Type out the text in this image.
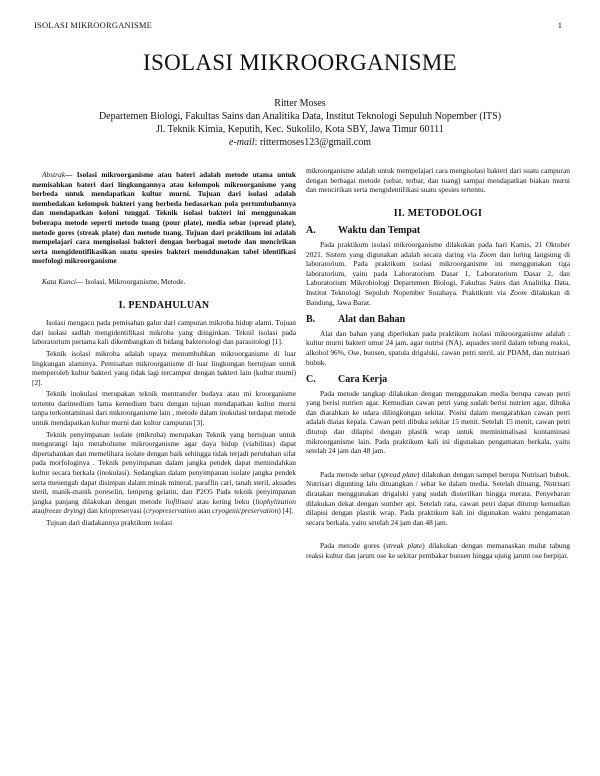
ISOLASI MIKROORGANISME	1
ISOLASI MIKROORGANISME
Ritter Moses
Departemen Biologi, Fakultas Sains dan Analitika Data, Institut Teknologi Sepuluh Nopember (ITS)
Jl. Teknik Kimia, Keputih, Kec. Sukolilo, Kota SBY, Jawa Timur 60111
e-mail: rittermoses123@gmail.com

Abstrak— Isolasi mikroorganisme atau bateri adalah metode utama untuk memisahkan bateri dari lingkungannya atau kelompok mikroorganisme yang berbeda untuk mendapatkan kultur murni. Tujuan dari isolasi adalah membedakan kelompok bakteri yang berbeda bedasarkan pola pertumbuhannya dan mendapatkan koloni tunggal. Teknik isolasi bakteri ini menggunakan beberapa metode seperti metode tuang (pour plate), media sebar (spread plate), metode gores (streak plate) dan metode tuang. Tujuan dari praktikum ini adalah mempelajari cara mengisolasi bakteri dengan berbagai metode dan mencirikan serta mengidentifikasikan suatu spesies bakteri menddunakan tabel identifkasi morfologi mikroorganisme

Kata Kunci— Isolasi, Mikroorganisme, Metode.

I. PENDAHULUAN

Isolasi mengacu pada pemisahan galur dari campuran mikroba hidup alami. Tujuan dari isolasi sadlah mengidentifikasi mikroba yang diinginkan. Teknil isolasi pada laboratorium pertama kali dikembangkan di bidang bakteriologi dan parasitologi [1].

Teknik isolasi mikroba adalah upaya menumbuhkan mikroorganisme di luar lingkungan alaminya. Pemisahan mikroorganisme di luar lingkungan bertujuan untuk memperoleh kultur bakteri yang tidak lagi tercampur dengan bakteri lain (kultur murni) [2].

Teknik inokulasi merupakan teknik mentransfer budaya atau mi kroorganisme tertentu darimedium lama kemedium baru dengan tujuan mendapatkan kultur murni tanpa terkontaminasi dari mikroorganisme lain , metode dalam inokulasi terdapat metode untuk mendapatkan kultur murni dan kultur campuran [3].

Teknik penyimpanan isolate (mikroba) merupakan Teknik yang bertujuan untuk mengurangi laju metabolisme mikroorganisme agar daya hidup (viabilitas) dapat dipertahankan dan memelihara isolate dengan baik sehingga tidak terjadi perubahan sifat pada morfologinya . Teknik penyimpanan dalam jangka pendek dapat memindahkan kultur secara berkala (inokulasi). Sedangkan dalam penyimpanan isolate jangka pendek serta menengah dapat disimpan dalam minak mineral, paraffin cari, tanah steril, akuades steril, manik-manik poreselin, lempeng gelatin, dan P2O5 Pada teknik penyimpanan jangka panjang dilakukan dengan metode liofilisasi atau kering beku (liophylization ataufreeze drying) dan kriopreservasi (cryopreservation atau cryogenicpreservation) [4].

Tujuan dari diadakannya praktikum isolasi

mikroorganisme adalah untuk mempelajari cara mengisolasi bakteri dari suatu campuran dengan berbagai metode (sebar, terbar, dan tuang) sampai mendapatkan biakan murni dan mencirikan serta mengidentifikasi suatu spesies tertentu.

II. METODOLOGI
A.	Waktu dan Tempat

Pada praktikum isolasi mikroorganisme dilakukan pada hari Kamis, 21 Oktober 2021. Sistem yang digunakan adalah secara daring via Zoom dan luring langsung di laboratorium. Pada praktikum isolasi mikroorganisme ini menggunakan tiga laboratorium, yaitu pada Laboratorium Dasar 1, Laboratorium Dasar 2, dan Laboratorium Mikrobiologi Departemen Biologi, Fakultas Sains dan Analitika Data, Institut Teknologi Sepuluh Nopember Surabaya. Praktikum via Zoom dilakukan di Bandung, Jawa Barat.

B.	Alat dan Bahan

Alat dan bahan yang diperlukan pada praktikum isolasi mikroorganisme adalah : kultur murni bakteri umur 24 jam, agar nutrisi (NA), aquades steril dalam tebung reaksi, alkohol 96%, Ose, bunsen, spatula drigalski, cawan petri steril, air PDAM, dan nutrisari bubuk.

C.	Cara Kerja

Pada metode tangkap dilakukan dengan menggunakan media berupa cawan petri yang berisi nutrien agar. Kemudian cawan petri yang sudah berisi nutrien agar, dibuka dan diarahkan ke udara dilingkungan sekitar. Posisi dalam mengarahkan cawan petri adalah diatas kepala. Cawan petri dibuka sekitar 15 menit. Setelah 15 menit, cawan petri ditutup dan dilapisi dengan plastik wrap untuk meminimalisasi kontaminasi mikroorganisme lain. Pada praktikum kali ini digunakan pengamatan berkala, yaitu setelah 24 jam dan 48 jam.

Pada metode sebar (spread plate) dilakukan dengan sampel berupa Nutrisari bubuk. Nutrisari digunting lalu dituangkan / sebar ke dalam media. Setelah dituang, Nutrisari diratakan menggunakan drigalski yang sudah disterilkan hingga merata. Penyebaran dilakukan dekat dengan sumber api. Setelah rata, cawan petri dapat ditutup kemudian dilapisi dengan plastik wrap. Pada praktikum kali ini digunakan waktu pengamatan secara berkala, yaitu setelah 24 jam dan 48 jam.

Pada metode gores (streak plate) dilakukan dengan memanaskan mulut tabung reaksi kultur dan jarum ose ke sekitar pembakar bunsen hingga ujung jarum ose berpijar.
